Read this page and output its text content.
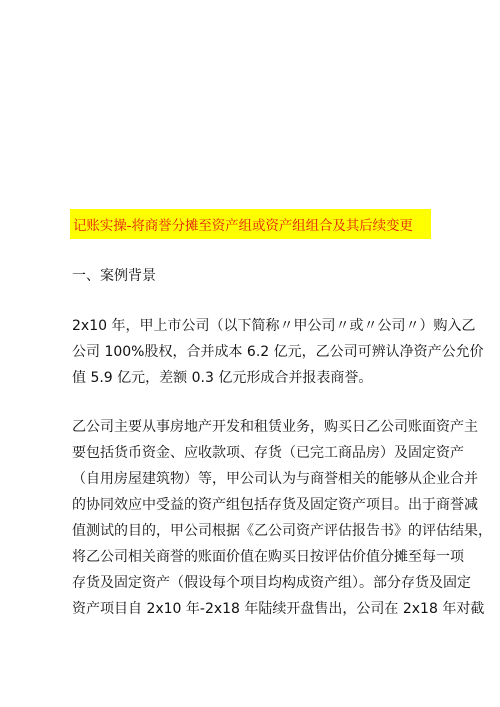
记账实操-将商誉分摊至资产组或资产组组合及其后续变更
一、案例背景
2x10 年，甲上市公司（以下简称〃甲公司〃或〃公司〃）购入乙
公司 100%股权，合并成本 6.2 亿元，乙公司可辨认净资产公允价
值 5.9 亿元，差额 0.3 亿元形成合并报表商誉。
乙公司主要从事房地产开发和租赁业务，购买日乙公司账面资产主
要包括货币资金、应收款项、存货（已完工商品房）及固定资产
（自用房屋建筑物）等，甲公司认为与商誉相关的能够从企业合并
的协同效应中受益的资产组包括存货及固定资产项目。出于商誉减
值测试的目的，甲公司根据《乙公司资产评估报告书》的评估结果，
将乙公司相关商誉的账面价值在购买日按评估价值分摊至每一项
存货及固定资产（假设每个项目均构成资产组）。部分存货及固定
资产项目自 2x10 年-2x18 年陆续开盘售出，公司在 2x18 年对截
